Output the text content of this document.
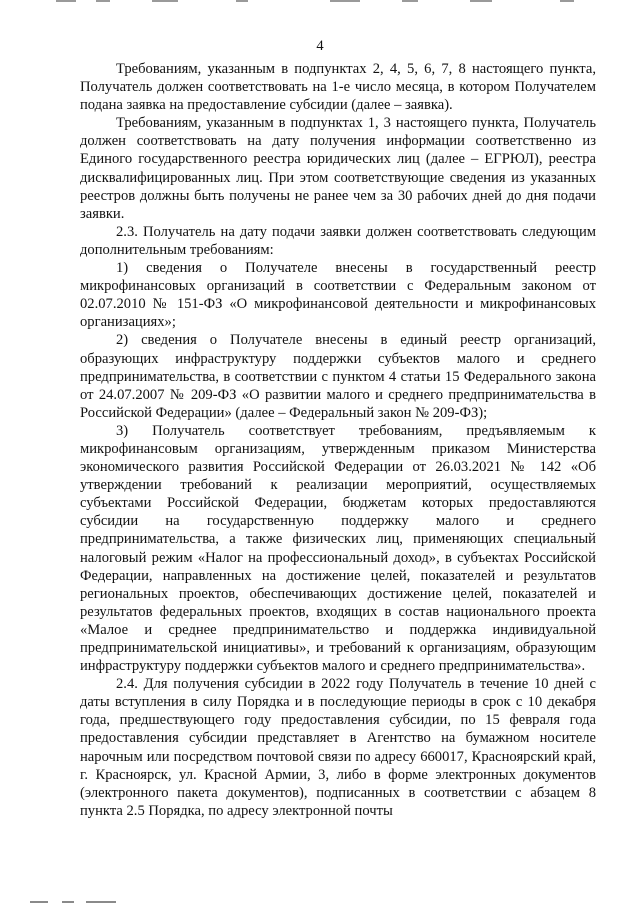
4

Требованиям, указанным в подпунктах 2, 4, 5, 6, 7, 8 настоящего пункта, Получатель должен соответствовать на 1-е число месяца, в котором Получателем подана заявка на предоставление субсидии (далее – заявка).

Требованиям, указанным в подпунктах 1, 3 настоящего пункта, Получатель должен соответствовать на дату получения информации соответственно из Единого государственного реестра юридических лиц (далее – ЕГРЮЛ), реестра дисквалифицированных лиц. При этом соответствующие сведения из указанных реестров должны быть получены не ранее чем за 30 рабочих дней до дня подачи заявки.

2.3. Получатель на дату подачи заявки должен соответствовать следующим дополнительным требованиям:

1) сведения о Получателе внесены в государственный реестр микрофинансовых организаций в соответствии с Федеральным законом от 02.07.2010 № 151-ФЗ «О микрофинансовой деятельности и микрофинансовых организациях»;

2) сведения о Получателе внесены в единый реестр организаций, образующих инфраструктуру поддержки субъектов малого и среднего предпринимательства, в соответствии с пунктом 4 статьи 15 Федерального закона от 24.07.2007 № 209-ФЗ «О развитии малого и среднего предпринимательства в Российской Федерации» (далее – Федеральный закон № 209-ФЗ);

3) Получатель соответствует требованиям, предъявляемым к микрофинансовым организациям, утвержденным приказом Министерства экономического развития Российской Федерации от 26.03.2021 № 142 «Об утверждении требований к реализации мероприятий, осуществляемых субъектами Российской Федерации, бюджетам которых предоставляются субсидии на государственную поддержку малого и среднего предпринимательства, а также физических лиц, применяющих специальный налоговый режим «Налог на профессиональный доход», в субъектах Российской Федерации, направленных на достижение целей, показателей и результатов региональных проектов, обеспечивающих достижение целей, показателей и результатов федеральных проектов, входящих в состав национального проекта «Малое и среднее предпринимательство и поддержка индивидуальной предпринимательской инициативы», и требований к организациям, образующим инфраструктуру поддержки субъектов малого и среднего предпринимательства».

2.4. Для получения субсидии в 2022 году Получатель в течение 10 дней с даты вступления в силу Порядка и в последующие периоды в срок с 10 декабря года, предшествующего году предоставления субсидии, по 15 февраля года предоставления субсидии представляет в Агентство на бумажном носителе нарочным или посредством почтовой связи по адресу 660017, Красноярский край, г. Красноярск, ул. Красной Армии, 3, либо в форме электронных документов (электронного пакета документов), подписанных в соответствии с абзацем 8 пункта 2.5 Порядка, по адресу электронной почты
